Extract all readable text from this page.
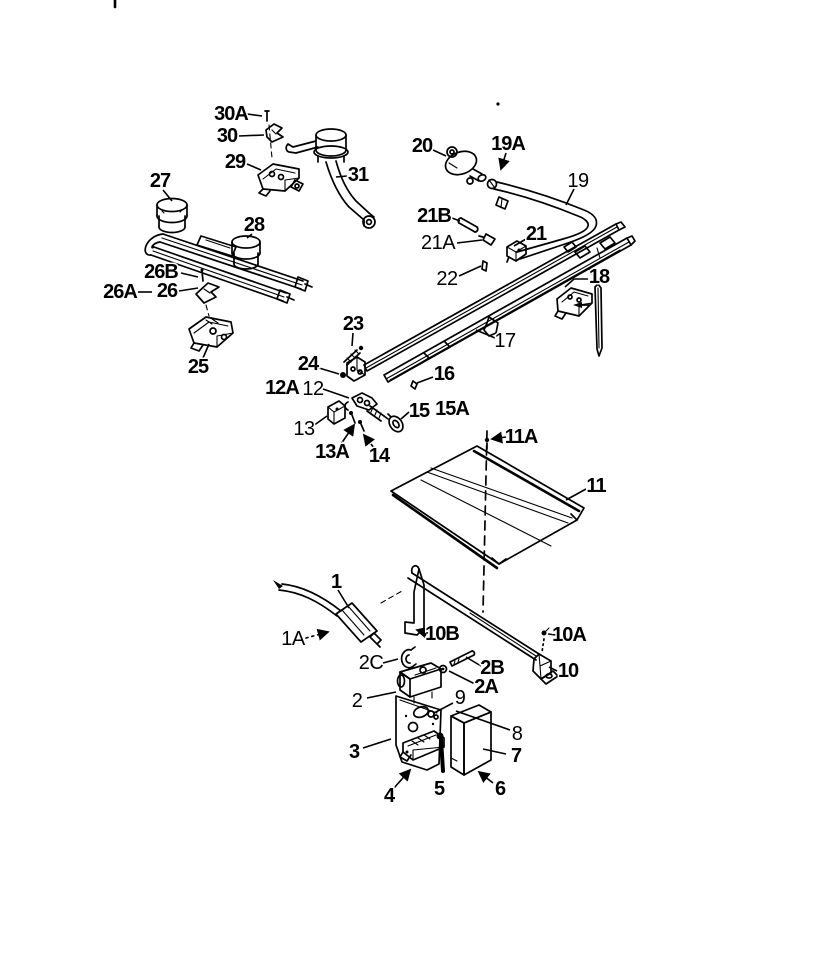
30A
30
29
27
28
31
26B
26A 26
25
20	19A
19
21B
21A	21
22	18
23
24
17
16
12A 12
15 15A
13
13A 14
11A
11
1
1A	10B	10A
10
2C	2B
2A
2	9
8
3	7
4 5	6
